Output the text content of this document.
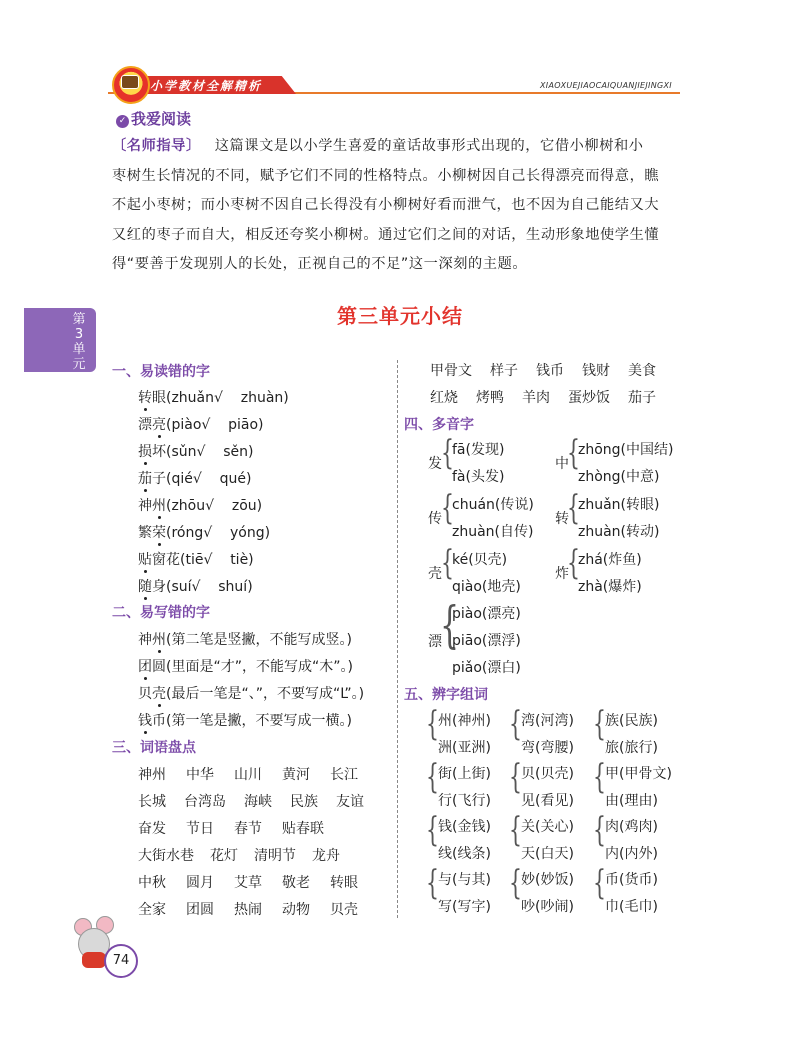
小学教材全解精析	XIAOXUEJIAOCAIQUANJIEJINGXI
✓ 我爱阅读
〔名师指导〕 这篇课文是以小学生喜爱的童话故事形式出现的，它借小柳树和小
枣树生长情况的不同，赋予它们不同的性格特点。小柳树因自己长得漂亮而得意，瞧
不起小枣树；而小枣树不因自己长得没有小柳树好看而泄气，也不因为自己能结又大
又红的枣子而自大，相反还夸奖小柳树。通过它们之间的对话，生动形象地使学生懂
得“要善于发现别人的长处，正视自己的不足”这一深刻的主题。
第3单元
第三单元小结
一、易读错的字
转眼(zhuǎn√ zhuàn)
漂亮(piào√ piāo)
损坏(sǔn√ sěn)
茄子(qié√ qué)
神州(zhōu√ zōu)
繁荣(róng√ yóng)
贴窗花(tiē√ tiè)
随身(suí√ shuí)
二、易写错的字
神州(第二笔是竖撇，不能写成竖。)
团圆(里面是“才”，不能写成“木”。)
贝壳(最后一笔是“、”，不要写成“L”。)
钱币(第一笔是撇，不要写成一横。)
三、词语盘点
神州 中华 山川 黄河 长江
长城 台湾岛 海峡 民族 友谊
奋发 节日 春节 贴春联
大街水巷 花灯 清明节 龙舟
中秋 圆月 艾草 敬老 转眼
全家 团圆 热闹 动物 贝壳
甲骨文 样子 钱币 钱财 美食
红烧 烤鸭 羊肉 蛋炒饭 茄子
四、多音字
发 {
fā(发现)
fà(头发)
中
{
zhōng(中国结)
zhòng(中意)
传 {
chuán(传说)
zhuàn(自传)
转
{
zhuǎn(转眼)
zhuàn(转动)
壳 {
ké(贝壳)
qiào(地壳)
炸
{
zhá(炸鱼)
zhà(爆炸)
漂
{
piào(漂亮)
piāo(漂浮)
piǎo(漂白)
五、辨字组词
{ 州(神州)
洲(亚洲)
{ 湾(河湾)
弯(弯腰)
{ 族(民族)
旅(旅行)
{ 街(上街)
行(飞行)
{ 贝(贝壳)
见(看见)
{ 甲(甲骨文)
由(理由)
{ 钱(金钱)
线(线条)
{ 关(关心)
天(白天)
{ 肉(鸡肉)
内(内外)
{ 与(与其)
写(写字)
{ 妙(妙饭)
吵(吵闹)
{ 币(货币)
巾(毛巾)
74
